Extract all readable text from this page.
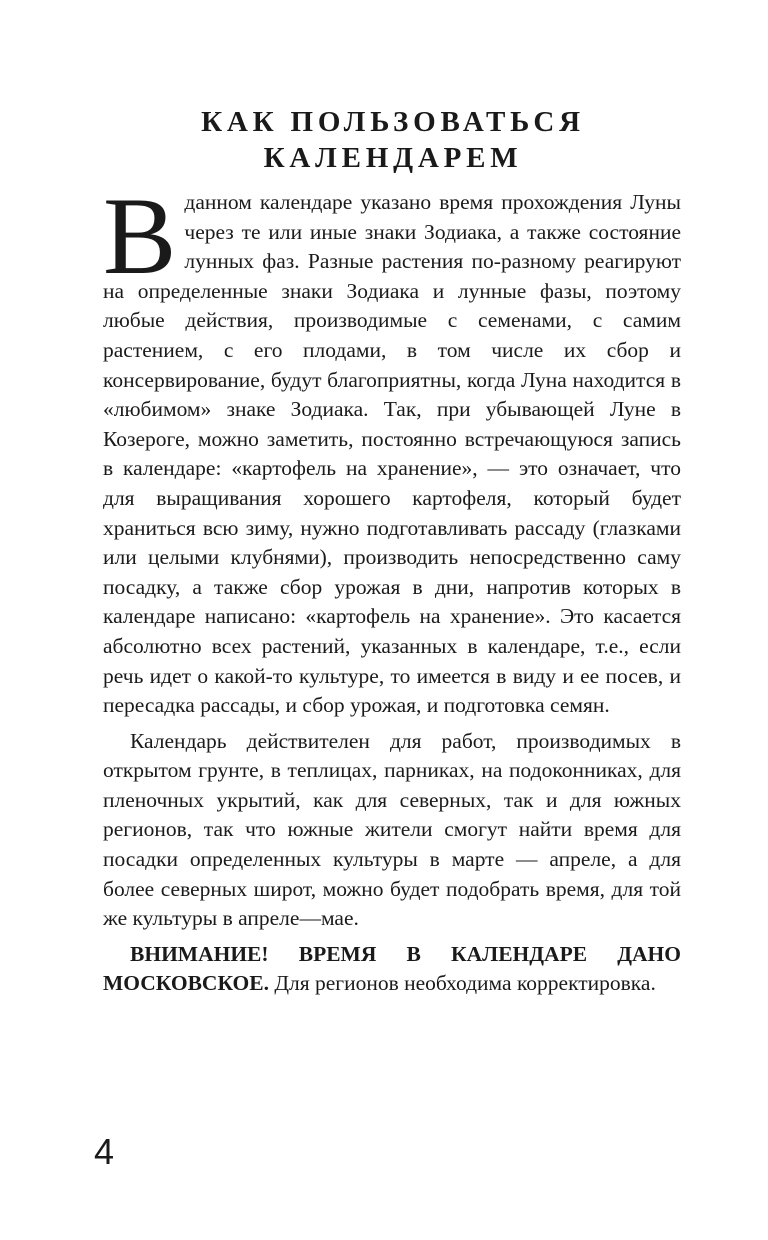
КАК ПОЛЬЗОВАТЬСЯ
КАЛЕНДАРЕМ

В данном календаре указано время прохождения Луны через те или иные знаки Зодиака, а также состояние лунных фаз. Разные растения по-разному реагируют на определенные знаки Зодиака и лунные фазы, поэтому любые действия, производимые с семенами, с самим растением, с его плодами, в том числе их сбор и консервирование, будут благоприятны, когда Луна находится в «любимом» знаке Зодиака. Так, при убывающей Луне в Козероге, можно заметить, постоянно встречающуюся запись в календаре: «картофель на хранение», — это означает, что для выращивания хорошего картофеля, который будет храниться всю зиму, нужно подготавливать рассаду (глазками или целыми клубнями), производить непосредственно саму посадку, а также сбор урожая в дни, напротив которых в календаре написано: «картофель на хранение». Это касается абсолютно всех растений, указанных в календаре, т.е., если речь идет о какой-то культуре, то имеется в виду и ее посев, и пересадка рассады, и сбор урожая, и подготовка семян.

Календарь действителен для работ, производимых в открытом грунте, в теплицах, парниках, на подоконниках, для пленочных укрытий, как для северных, так и для южных регионов, так что южные жители смогут найти время для посадки определенных культуры в марте — апреле, а для более северных широт, можно будет подобрать время, для той же культуры в апреле—мае.

ВНИМАНИЕ! ВРЕМЯ В КАЛЕНДАРЕ ДАНО МОСКОВСКОЕ. Для регионов необходима корректировка.

4
